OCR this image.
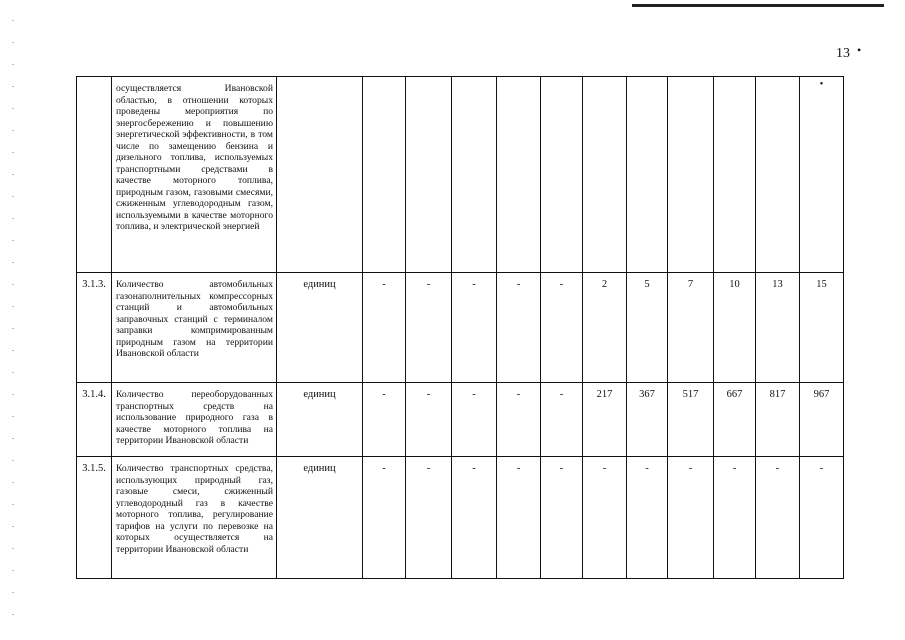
13 •
	осуществляется Ивановской областью, в отношении которых проведены мероприятия по энергосбережению и повышению энергетической эффективности, в том числе по замещению бензина и дизельного топлива, используемых транспортными средствами в качестве моторного топлива, природным газом, газовыми смесями, сжиженным углеводородным газом, используемыми в качестве моторного топлива, и электрической энергией												•

3.1.3.	Количество автомобильных газонаполнительных компрессорных станций и автомобильных заправочных станций с терминалом заправки компримированным природным газом на территории Ивановской области	единиц	-	-	-	-	-	2	5	7	10	13	15
3.1.4.	Количество переоборудованных транспортных средств на использование природного газа в качестве моторного топлива на территории Ивановской области	единиц	-	-	-	-	-	217	367	517	667	817	967
3.1.5.	Количество транспортных средства, использующих природный газ, газовые смеси, сжиженный углеводородный газ в качестве моторного топлива, регулирование тарифов на услуги по перевозке на которых осуществляется на территории Ивановской области	единиц	-	-	-	-	-	-	-	-	-	-	-
